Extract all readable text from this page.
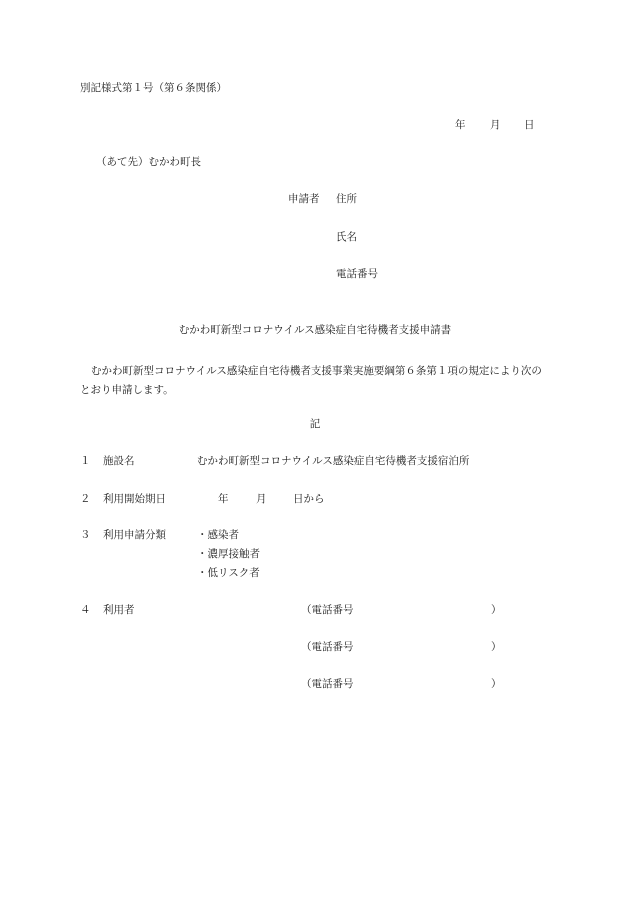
別記様式第１号（第６条関係）
年 月 日
（あて先）むかわ町長
申請者 住所
氏名
電話番号
むかわ町新型コロナウイルス感染症自宅待機者支援申請書
むかわ町新型コロナウイルス感染症自宅待機者支援事業実施要綱第６条第１項の規定により次のとおり申請します。
記
１ 施設名	むかわ町新型コロナウイルス感染症自宅待機者支援宿泊所
２ 利用開始期日	年	月	日から
３ 利用申請分類	・感染者
・濃厚接触者
・低リスク者
４ 利用者	（電話番号	）
（電話番号	）
（電話番号	）
